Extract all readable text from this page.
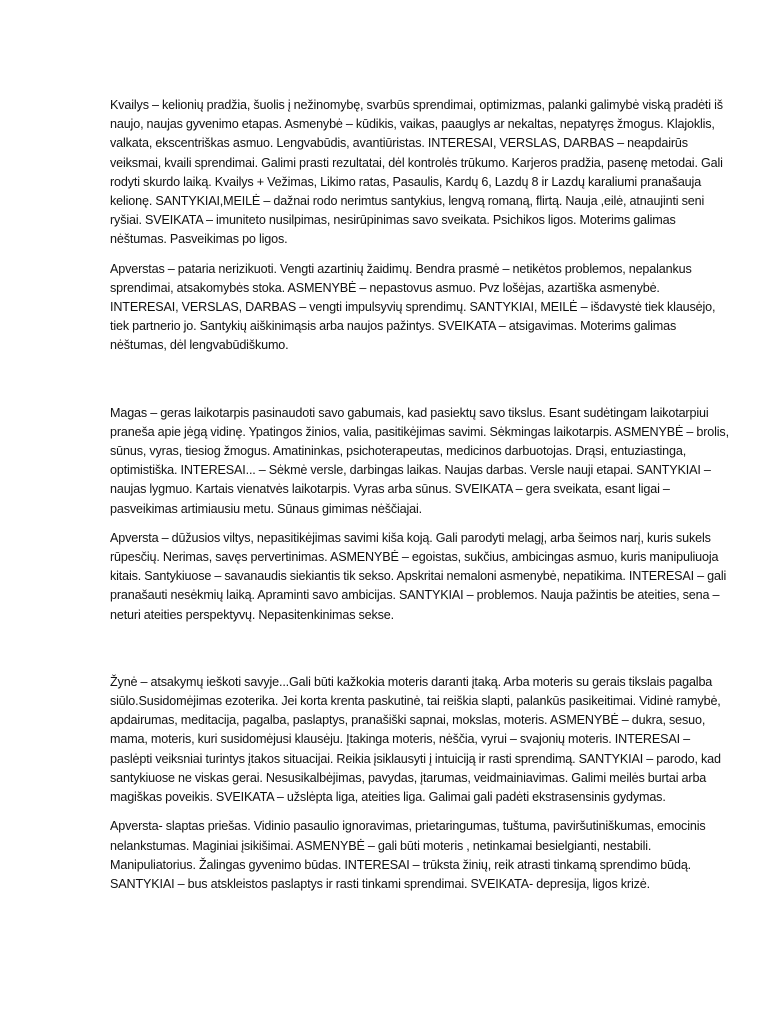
Kvailys – kelionių pradžia, šuolis į nežinomybę, svarbūs sprendimai, optimizmas, palanki galimybė viską pradėti iš naujo, naujas gyvenimo etapas. Asmenybė – kūdikis, vaikas, paauglys ar nekaltas, nepatyręs žmogus. Klajoklis, valkata, ekscentriškas asmuo. Lengvabūdis, avantiūristas. INTERESAI, VERSLAS, DARBAS – neapdairūs veiksmai, kvaili sprendimai. Galimi prasti rezultatai, dėl kontrolės trūkumo. Karjeros pradžia, pasenę metodai. Gali rodyti skurdo laiką. Kvailys + Vežimas, Likimo ratas, Pasaulis, Kardų 6, Lazdų 8 ir Lazdų karaliumi pranašauja kelionę. SANTYKIAI,MEILĖ – dažnai rodo nerimtus santykius, lengvą romaną, flirtą. Nauja ,eilė, atnaujinti seni ryšiai. SVEIKATA – imuniteto nusilpimas, nesirūpinimas savo sveikata. Psichikos ligos. Moterims galimas nėštumas. Pasveikimas po ligos.

Apverstas – pataria nerizikuoti. Vengti azartinių žaidimų. Bendra prasmė – netikėtos problemos, nepalankus sprendimai, atsakomybės stoka. ASMENYBĖ – nepastovus asmuo. Pvz lošėjas, azartiška asmenybė. INTERESAI, VERSLAS, DARBAS – vengti impulsyvių sprendimų. SANTYKIAI, MEILĖ – išdavystė tiek klausėjo, tiek partnerio jo. Santykių aiškinimąsis arba naujos pažintys. SVEIKATA – atsigavimas. Moterims galimas nėštumas, dėl lengvabūdiškumo.

Magas – geras laikotarpis pasinaudoti savo gabumais, kad pasiektų savo tikslus. Esant sudėtingam laikotarpiui praneša apie jėgą vidinę. Ypatingos žinios, valia, pasitikėjimas savimi. Sėkmingas laikotarpis. ASMENYBĖ – brolis, sūnus, vyras, tiesiog žmogus. Amatininkas, psichoterapeutas, medicinos darbuotojas. Drąsi, entuziastinga, optimistiška. INTERESAI... – Sėkmė versle, darbingas laikas. Naujas darbas. Versle nauji etapai. SANTYKIAI – naujas lygmuo. Kartais vienatvės laikotarpis. Vyras arba sūnus. SVEIKATA – gera sveikata, esant ligai – pasveikimas artimiausiu metu. Sūnaus gimimas nėščiajai.

Apversta – dūžusios viltys, nepasitikėjimas savimi kiša koją. Gali parodyti melagį, arba šeimos narį, kuris sukels rūpesčių. Nerimas, savęs pervertinimas. ASMENYBĖ – egoistas, sukčius, ambicingas asmuo, kuris manipuliuoja kitais. Santykiuose – savanaudis siekiantis tik sekso. Apskritai nemaloni asmenybė, nepatikima. INTERESAI – gali pranašauti nesėkmių laiką. Apraminti savo ambicijas. SANTYKIAI – problemos. Nauja pažintis be ateities, sena – neturi ateities perspektyvų. Nepasitenkinimas sekse.

Žynė – atsakymų ieškoti savyje...Gali būti kažkokia moteris daranti įtaką. Arba moteris su gerais tikslais pagalba siūlo.Susidomėjimas ezoterika. Jei korta krenta paskutinė, tai reiškia slapti, palankūs pasikeitimai. Vidinė ramybė, apdairumas, meditacija, pagalba, paslaptys, pranašiški sapnai, mokslas, moteris. ASMENYBĖ – dukra, sesuo, mama, moteris, kuri susidomėjusi klausėju. Įtakinga moteris, nėščia, vyrui – svajonių moteris. INTERESAI – paslėpti veiksniai turintys įtakos situacijai. Reikia įsiklausyti į intuiciją ir rasti sprendimą. SANTYKIAI – parodo, kad santykiuose ne viskas gerai. Nesusikalbėjimas, pavydas, įtarumas, veidmainiavimas. Galimi meilės burtai arba magiškas poveikis. SVEIKATA – užslėpta liga, ateities liga. Galimai gali padėti ekstrasensinis gydymas.

Apversta- slaptas priešas. Vidinio pasaulio ignoravimas, prietaringumas, tuštuma, paviršutiniškumas, emocinis nelankstumas. Maginiai įsikišimai. ASMENYBĖ – gali būti moteris , netinkamai besielgianti, nestabili. Manipuliatorius. Žalingas gyvenimo būdas. INTERESAI – trūksta žinių, reik atrasti tinkamą sprendimo būdą. SANTYKIAI – bus atskleistos paslaptys ir rasti tinkami sprendimai. SVEIKATA- depresija, ligos krizė.
